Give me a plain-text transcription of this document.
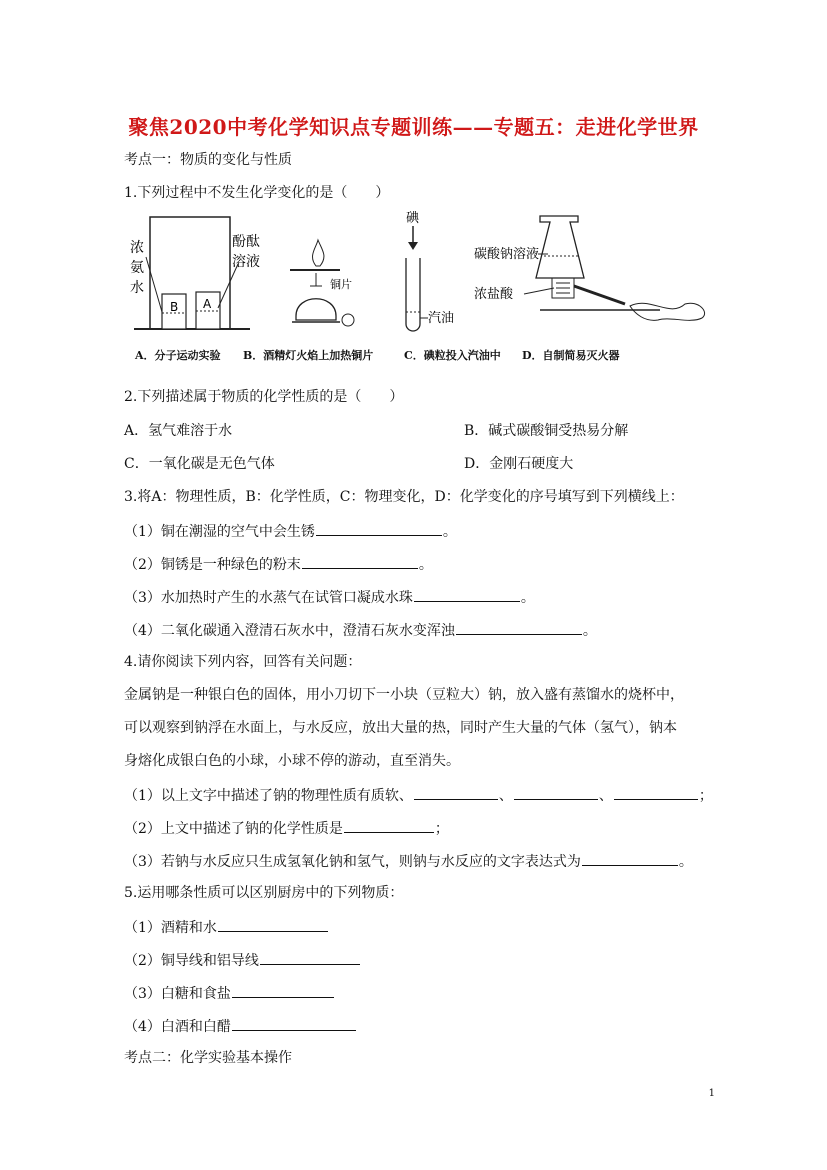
聚焦2020中考化学知识点专题训练——专题五：走进化学世界
考点一：物质的变化与性质
1.下列过程中不发生化学变化的是（　　）
B A
浓
氨
水
酚酞
溶液
铜片
碘
汽油
碳酸钠溶液
浓盐酸
A．分子运动实验 B．酒精灯火焰上加热铜片	C．碘粒投入汽油中 D．自制简易灭火器
2.下列描述属于物质的化学性质的是（　　）
A．氢气难溶于水	B．碱式碳酸铜受热易分解
C．一氧化碳是无色气体	D．金刚石硬度大
3.将A：物理性质，B：化学性质，C：物理变化，D：化学变化的序号填写到下列横线上：
（1）铜在潮湿的空气中会生锈	。
（2）铜锈是一种绿色的粉末	。
（3）水加热时产生的水蒸气在试管口凝成水珠	。
（4）二氧化碳通入澄清石灰水中，澄清石灰水变浑浊	。
4.请你阅读下列内容，回答有关问题：
金属钠是一种银白色的固体，用小刀切下一小块（豆粒大）钠，放入盛有蒸馏水的烧杯中，
可以观察到钠浮在水面上，与水反应，放出大量的热，同时产生大量的气体（氢气），钠本
身熔化成银白色的小球，小球不停的游动，直至消失。
（1）以上文字中描述了钠的物理性质有质软、	、	、	；
（2）上文中描述了钠的化学性质是	；
（3）若钠与水反应只生成氢氧化钠和氢气，则钠与水反应的文字表达式为	。
5.运用哪条性质可以区别厨房中的下列物质：
（1）酒精和水
（2）铜导线和铝导线
（3）白糖和食盐
（4）白酒和白醋
考点二：化学实验基本操作
1
